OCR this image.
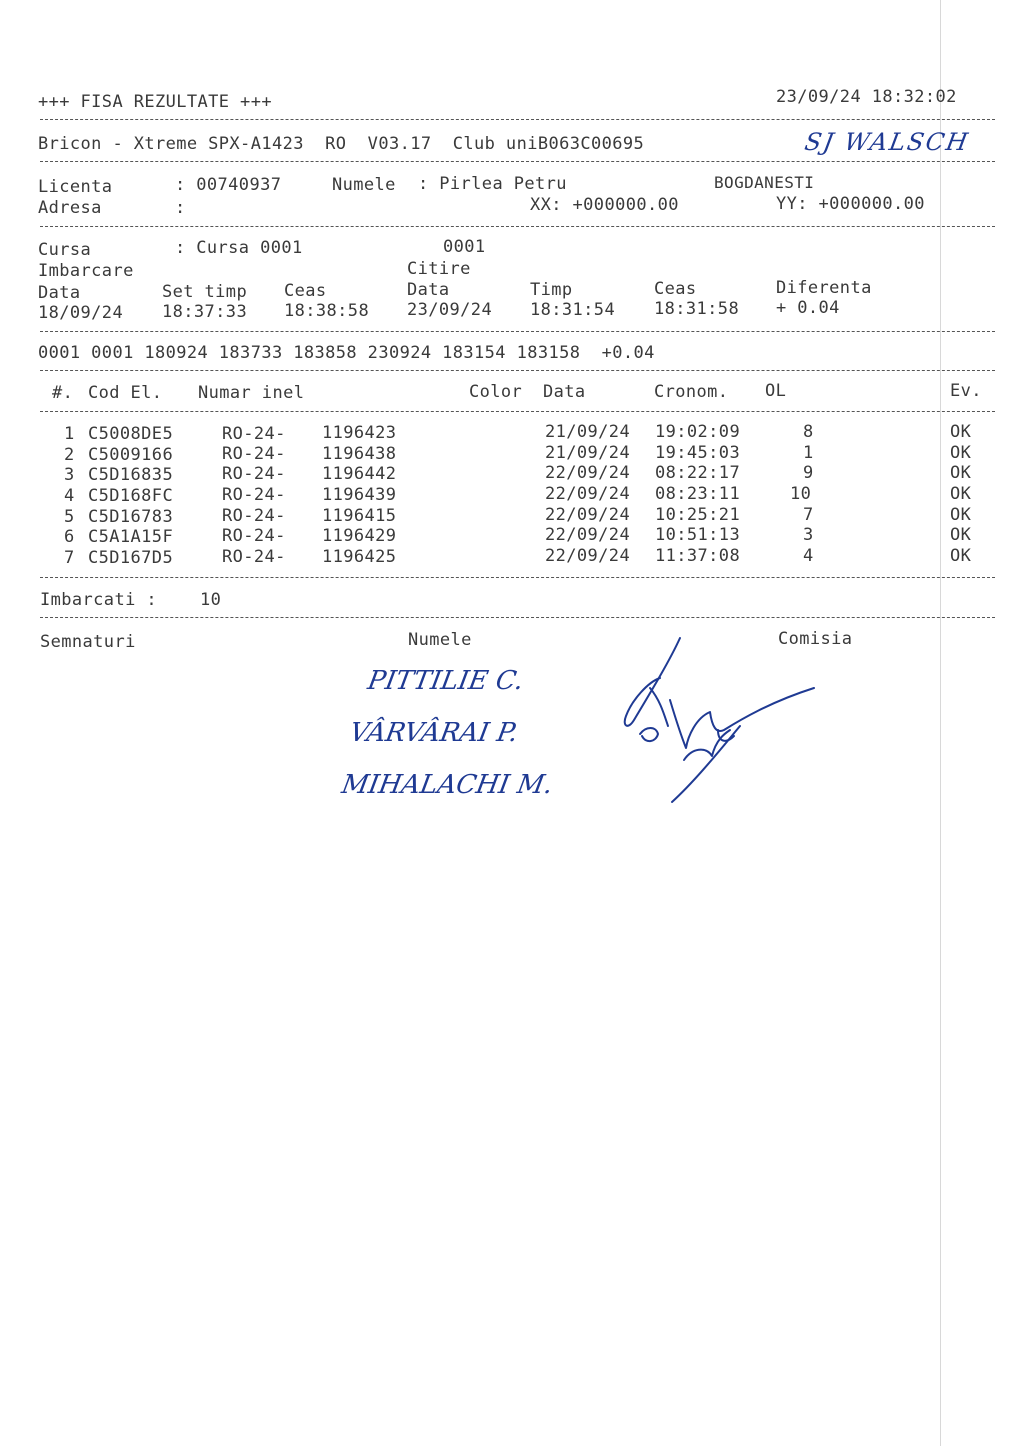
+++ FISA REZULTATE +++	23/09/24 18:32:02
Bricon - Xtreme SPX-A1423  RO  V03.17  Club uniB063C00695	SJ WALSCH
Licenta	: 00740937	Numele : Pirlea Petru	BOGDANESTI
Adresa	:	XX: +000000.00	YY: +000000.00
Cursa	: Cursa 0001	0001
Imbarcare	Citire
Data	Set timp Ceas	Data	Timp	Ceas	Diferenta
18/09/24 18:37:33 18:38:58 23/09/24 18:31:54 18:31:58 + 0.04
0001 0001 180924 183733 183858 230924 183154 183158  +0.04
#. Cod El. Numar inel	Color Data	Cronom. OL	Ev.
1 C5008DE5	RO-24- 1196423	21/09/24 19:02:09	8	OK
2 C5009166	RO-24- 1196438	21/09/24 19:45:03	1	OK
3 C5D16835	RO-24- 1196442	22/09/24 08:22:17	9	OK
4 C5D168FC	RO-24- 1196439	22/09/24 08:23:11	10	OK
5 C5D16783	RO-24- 1196415	22/09/24 10:25:21	7	OK
6 C5A1A15F	RO-24- 1196429	22/09/24 10:51:13	3	OK
7 C5D167D5	RO-24- 1196425	22/09/24 11:37:08	4	OK
Imbarcati :	10
Semnaturi	Numele	Comisia
PITTILIE C.
VÂRVÂRAI P.
MIHALACHI M.
